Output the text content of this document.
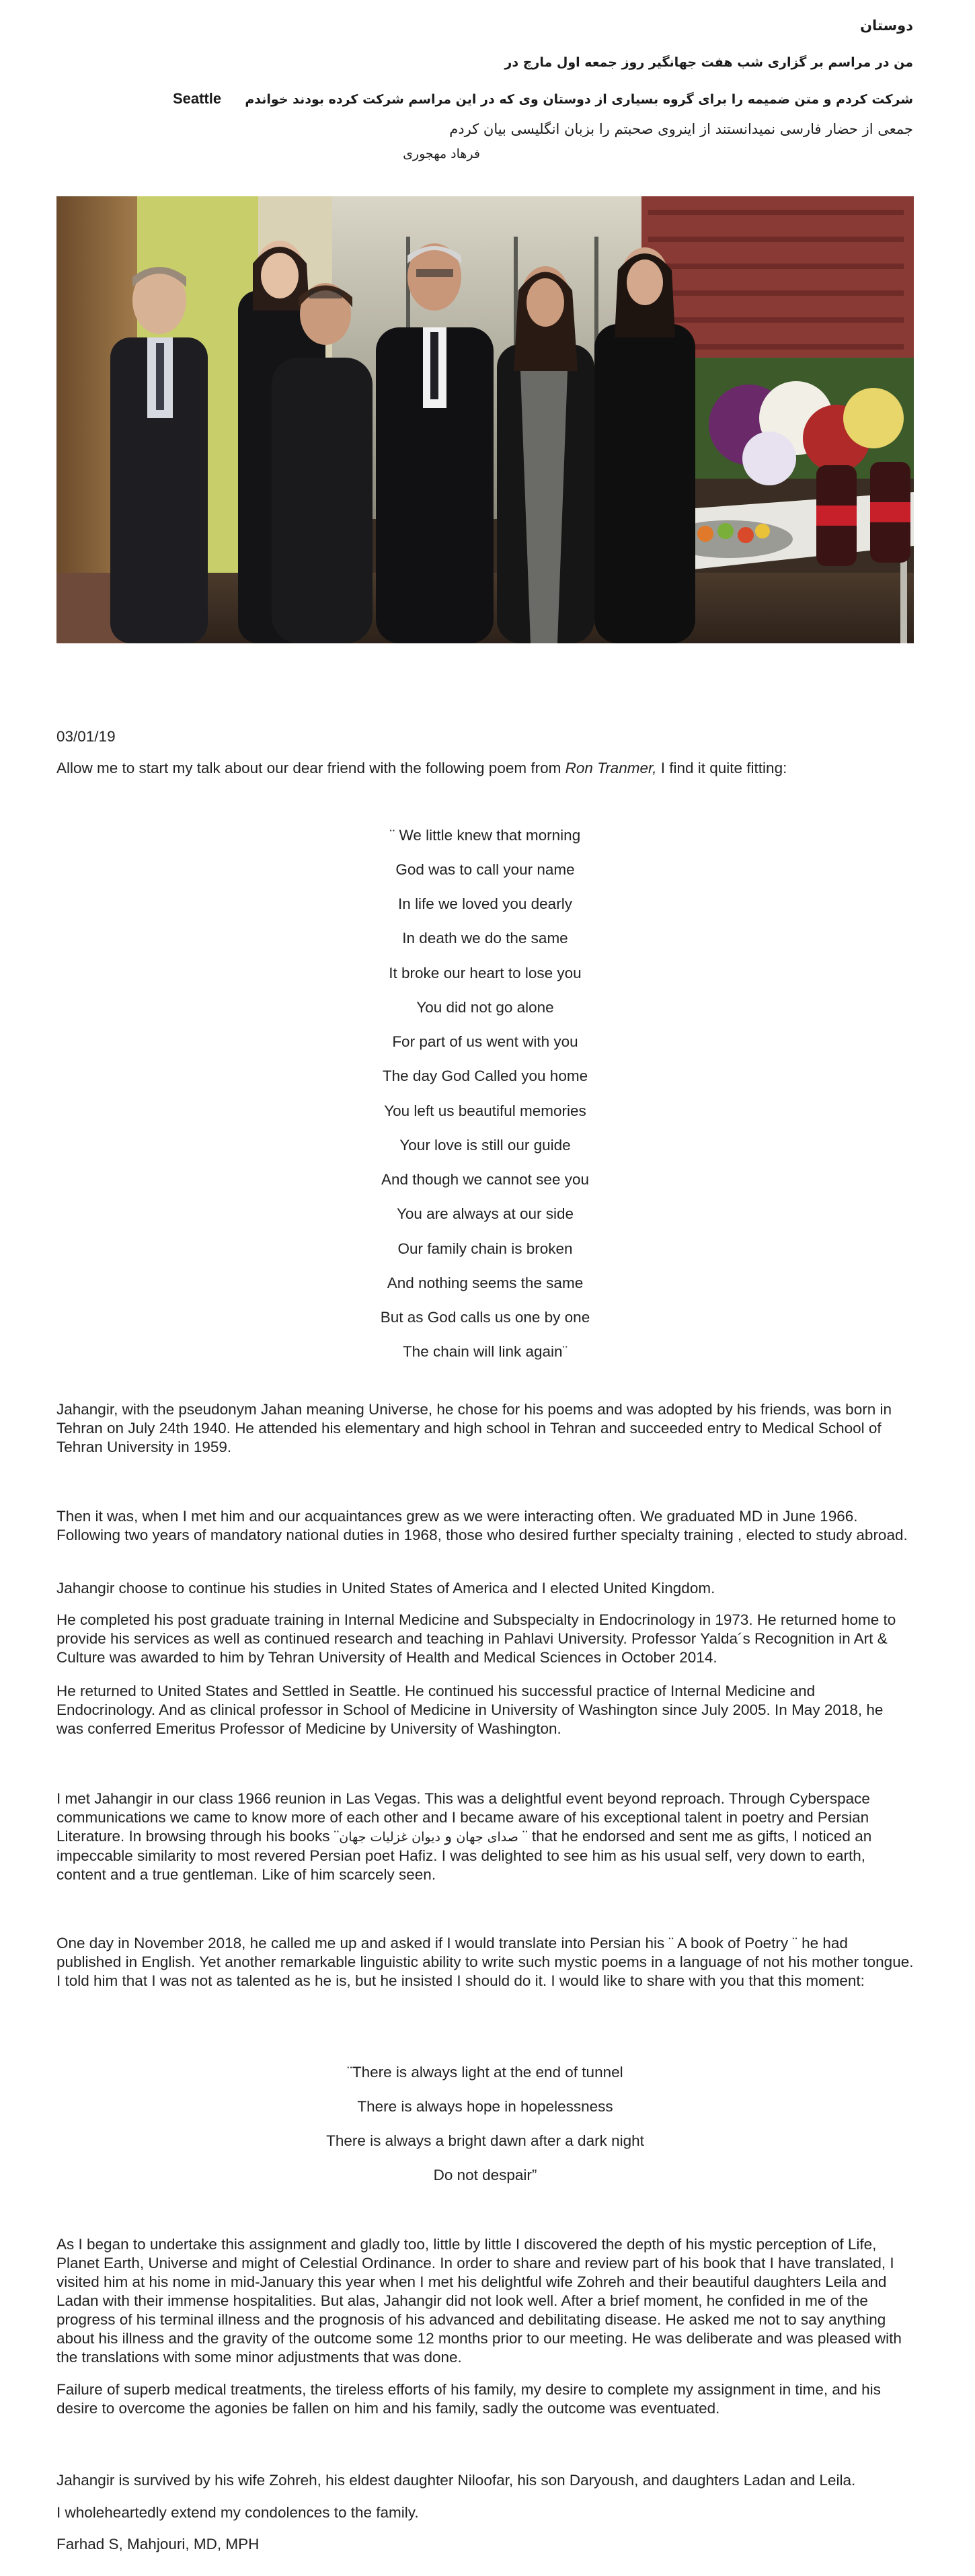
دوستان
من در مراسم بر گزاری شب هفت جهانگیر روز جمعه اول مارچ در
شرکت کردم و متن ضمیمه را برای گروه بسیاری از دوستان وی که در این مراسم شرکت کرده بودند خواندم  Seattle
جمعی از حضار فارسی نمیدانستند از اینروی صحبتم را بزبان انگلیسی بیان کردم
فرهاد مهجوری
03/01/19
Allow me to start my talk about our dear friend with the following poem from Ron Tranmer, I find it quite fitting:
¨ We little knew that morning
God was to call your name
In life we loved you dearly
In death we do the same
It broke our heart to lose you
You did not go alone
For part of us went with you
The day God Called you home
You left us beautiful memories
Your love is still our guide
And though we cannot see you
You are always at our side
Our family chain is broken
And nothing seems the same
But as God calls us one by one
The chain will link again¨
Jahangir, with the pseudonym Jahan meaning Universe, he chose for his poems and was adopted by his friends, was born in Tehran on July 24th 1940. He attended his elementary and high school in Tehran and succeeded entry to Medical School of Tehran University in 1959.
Then it was, when I met him and our acquaintances grew as we were interacting often. We graduated MD in June 1966. Following two years of mandatory national duties in 1968, those who desired further specialty training , elected to study abroad.
Jahangir choose to continue his studies in United States of America and I elected United Kingdom.
He completed his post graduate training in Internal Medicine and Subspecialty in Endocrinology in 1973. He returned home to provide his services as well as continued research and teaching in Pahlavi University. Professor Yalda´s Recognition in Art & Culture was awarded to him by Tehran University of Health and Medical Sciences in October 2014.
He returned to United States and Settled in Seattle. He continued his successful practice of Internal Medicine and Endocrinology. And as clinical professor in School of Medicine in University of Washington since July 2005. In May 2018, he was conferred Emeritus Professor of Medicine by University of Washington.
I met Jahangir in our class 1966 reunion in Las Vegas. This was a delightful event beyond reproach. Through Cyberspace communications we came to know more of each other and I became aware of his exceptional talent in poetry and Persian Literature. In browsing through his books ¨	صدای جهان و دیوان غزلیات جهان	¨ that he endorsed and sent me as gifts, I noticed an impeccable similarity to most revered Persian poet Hafiz. I was delighted to see him as his usual self, very down to earth, content and a true gentleman. Like of him scarcely seen.
One day in November 2018, he called me up and asked if I would translate into Persian his ¨ A book of Poetry ¨ he had published in English. Yet another remarkable linguistic ability to write such mystic poems in a language of not his mother tongue. I told him that I was not as talented as he is, but he insisted I should do it. I would like to share with you that this moment:
¨There is always light at the end of tunnel
There is always hope in hopelessness
There is always a bright dawn after a dark night
Do not despair”
As I began to undertake this assignment and gladly too, little by little I discovered the depth of his mystic perception of Life, Planet Earth, Universe and might of Celestial Ordinance. In order to share and review part of his book that I have translated, I visited him at his nome in mid-January this year when I met his delightful wife Zohreh and their beautiful daughters Leila and Ladan with their immense hospitalities. But alas, Jahangir did not look well. After a brief moment, he confided in me of the progress of his terminal illness and the prognosis of his advanced and debilitating disease. He asked me not to say anything about his illness and the gravity of the outcome some 12 months prior to our meeting. He was deliberate and was pleased with the translations with some minor adjustments that was done.
Failure of superb medical treatments, the tireless efforts of his family, my desire to complete my assignment in time, and his desire to overcome the agonies be fallen on him and his family, sadly the outcome was eventuated.
Jahangir is survived by his wife Zohreh, his eldest daughter Niloofar, his son Daryoush, and daughters Ladan and Leila.
I wholeheartedly extend my condolences to the family.
Farhad S, Mahjouri, MD, MPH
